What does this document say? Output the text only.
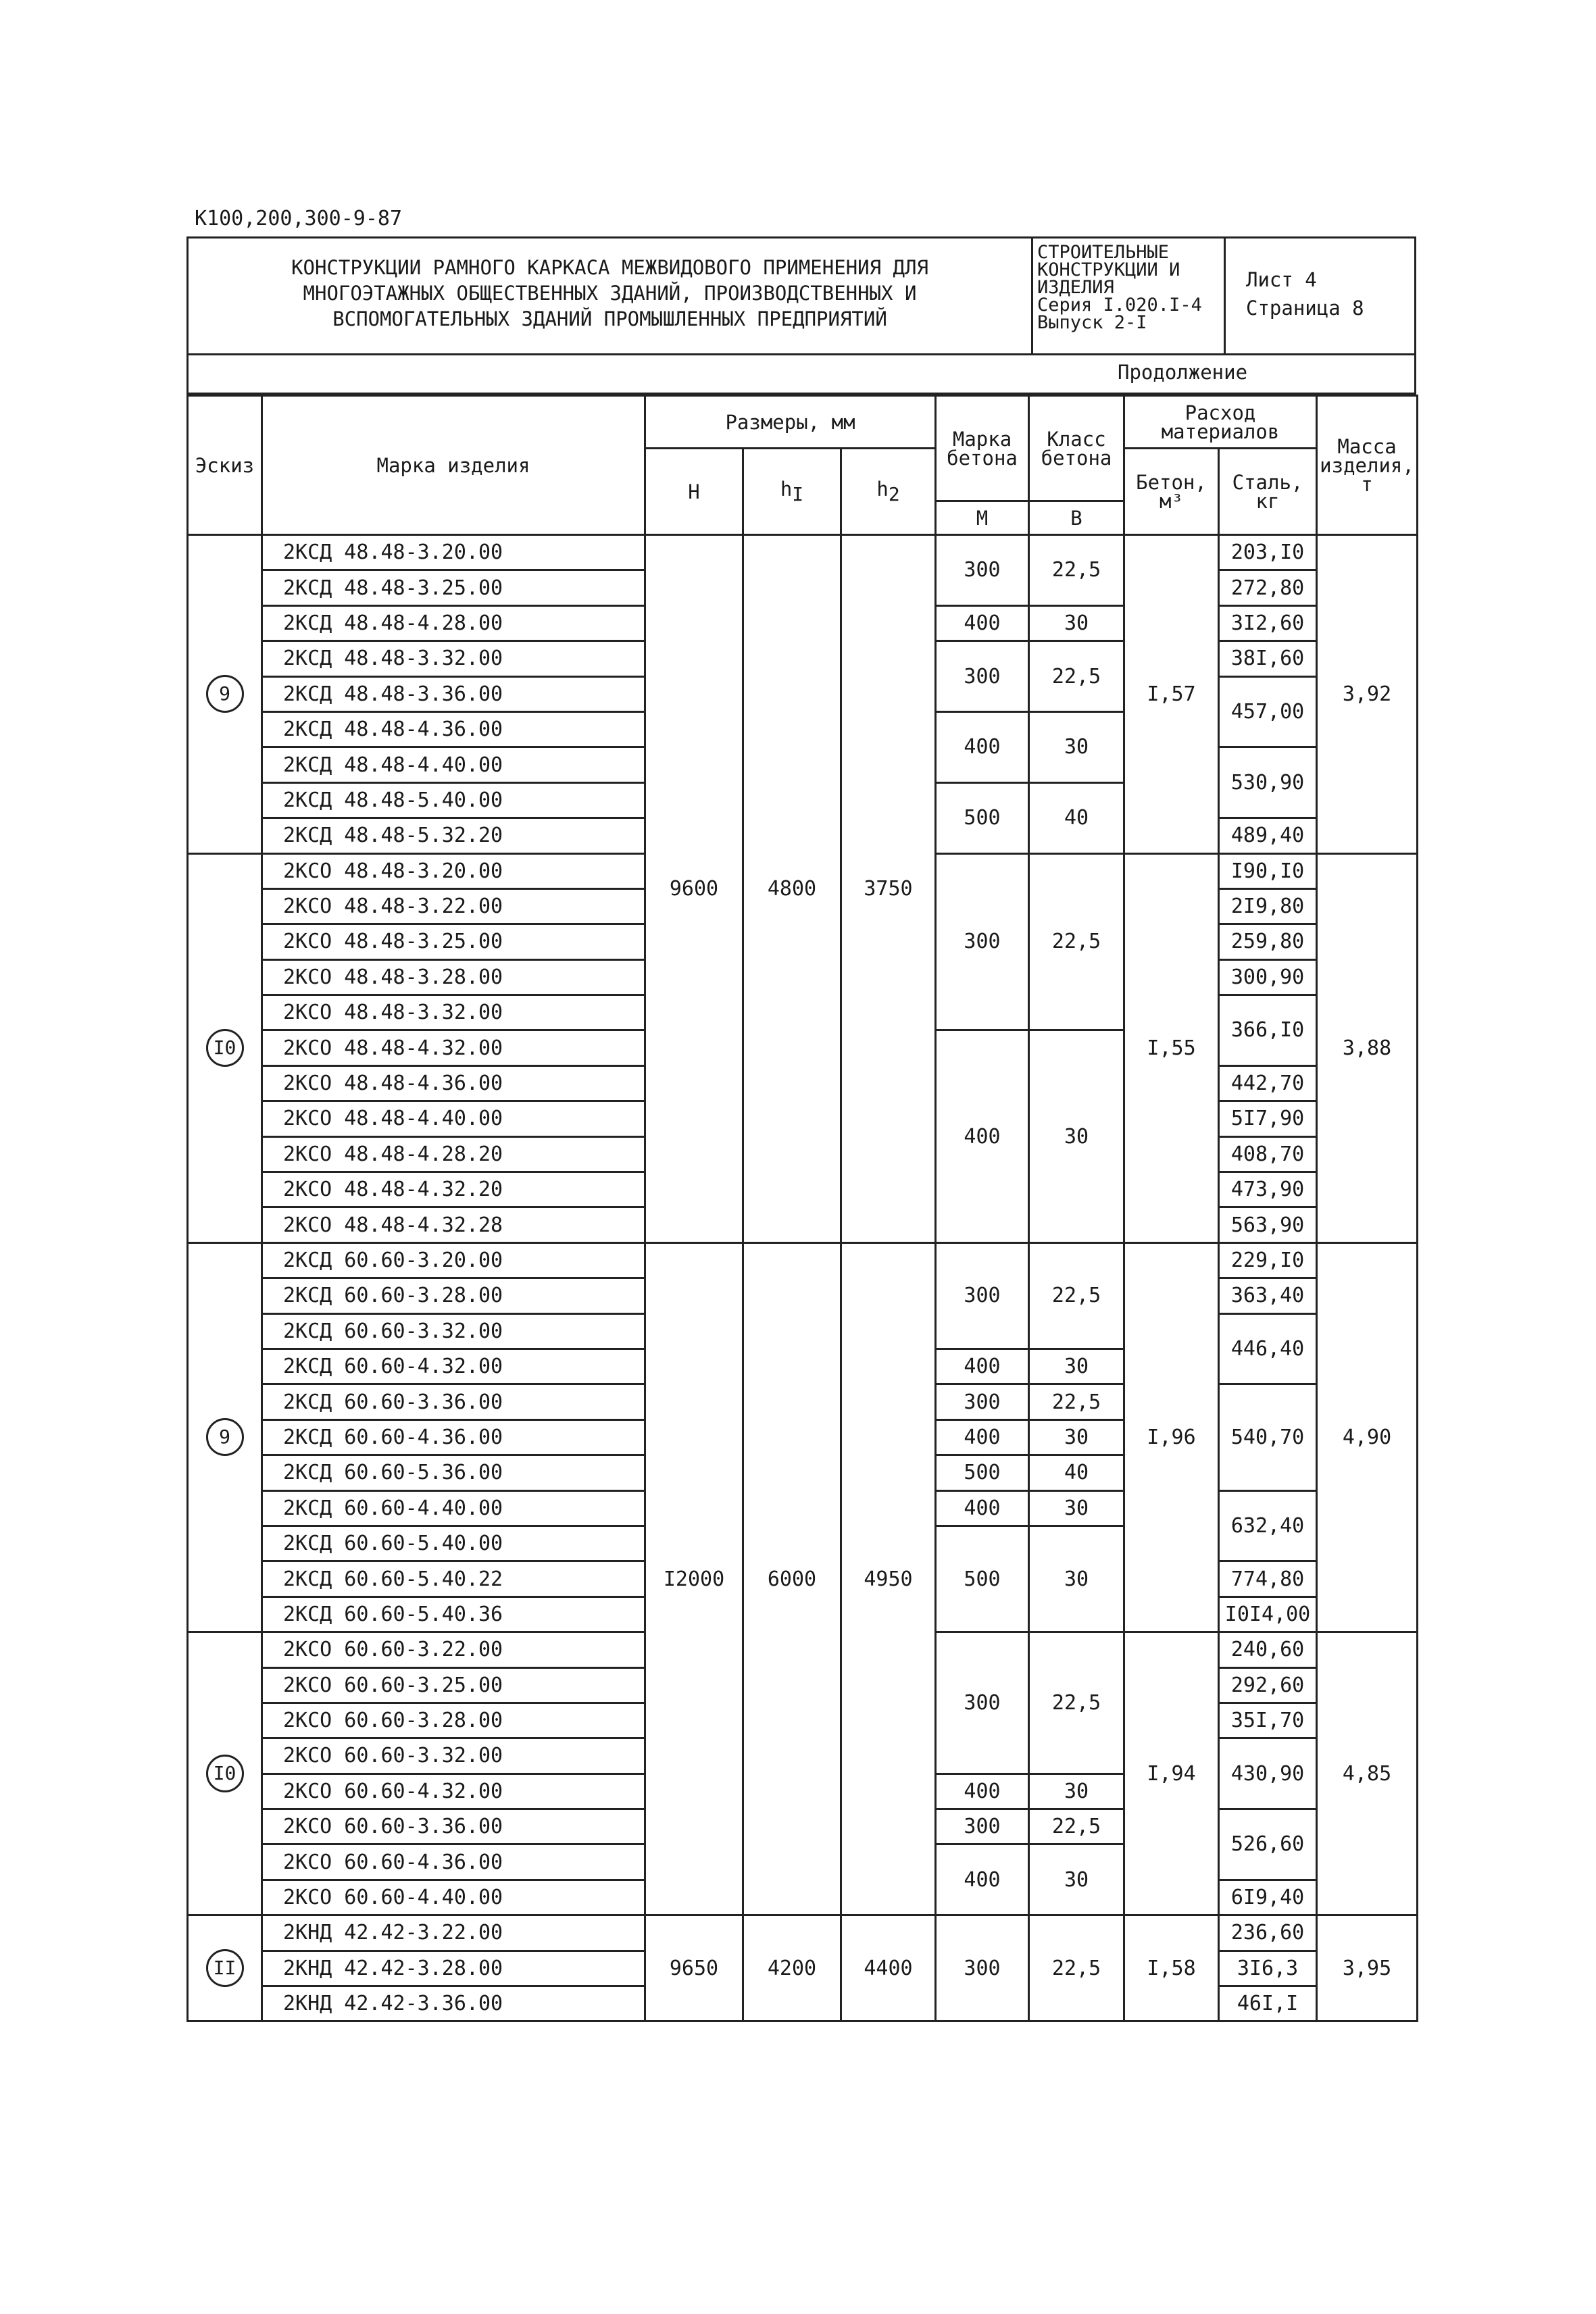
К100,200,300-9-87
КОНСТРУКЦИИ РАМНОГО КАРКАСА МЕЖВИДОВОГО ПРИМЕНЕНИЯ ДЛЯ
МНОГОЭТАЖНЫХ ОБЩЕСТВЕННЫХ ЗДАНИЙ, ПРОИЗВОДСТВЕННЫХ И
ВСПОМОГАТЕЛЬНЫХ ЗДАНИЙ ПРОМЫШЛЕННЫХ ПРЕДПРИЯТИЙ
СТРОИТЕЛЬНЫЕ
КОНСТРУКЦИИ И
ИЗДЕЛИЯ
Серия I.020.I-4
Выпуск 2-I
Лист 4
Страница 8
Продолжение
Эскиз	Марка изделия	Размеры, мм			Марка бетона	Класс бетона	Расход материалов		Масса изделия, т
		Н	$h_I$	$h_2$			Бетон, м³	Сталь, кг	
					М	В			
9	2КСД 48.48-3.20.00	9600	4800	3750	300	22,5	I,57	203,I0	3,92
	2КСД 48.48-3.25.00							272,80	
	2КСД 48.48-4.28.00				400	30		3I2,60	
	2КСД 48.48-3.32.00				300	22,5		38I,60	
	2КСД 48.48-3.36.00							457,00	
	2КСД 48.48-4.36.00				400	30			
	2КСД 48.48-4.40.00							530,90	
	2КСД 48.48-5.40.00				500	40			
	2КСД 48.48-5.32.20							489,40	
I0	2КСО 48.48-3.20.00				300	22,5	I,55	I90,I0	3,88
	2КСО 48.48-3.22.00							2I9,80	
	2КСО 48.48-3.25.00							259,80	
	2КСО 48.48-3.28.00							300,90	
	2КСО 48.48-3.32.00							366,I0	
	2КСО 48.48-4.32.00				400	30			
	2КСО 48.48-4.36.00							442,70	
	2КСО 48.48-4.40.00							5I7,90	
	2КСО 48.48-4.28.20							408,70	
	2КСО 48.48-4.32.20							473,90	
	2КСО 48.48-4.32.28							563,90	
9	2КСД 60.60-3.20.00	I2000	6000	4950	300	22,5	I,96	229,I0	4,90
	2КСД 60.60-3.28.00							363,40	
	2КСД 60.60-3.32.00							446,40	
	2КСД 60.60-4.32.00				400	30			
	2КСД 60.60-3.36.00				300	22,5		540,70	
	2КСД 60.60-4.36.00				400	30			
	2КСД 60.60-5.36.00				500	40			
	2КСД 60.60-4.40.00				400	30		632,40	
	2КСД 60.60-5.40.00				500	30			
	2КСД 60.60-5.40.22							774,80	
	2КСД 60.60-5.40.36							I0I4,00	
I0	2КСО 60.60-3.22.00				300	22,5	I,94	240,60	4,85
	2КСО 60.60-3.25.00							292,60	
	2КСО 60.60-3.28.00							35I,70	
	2КСО 60.60-3.32.00							430,90	
	2КСО 60.60-4.32.00				400	30			
	2КСО 60.60-3.36.00				300	22,5		526,60	
	2КСО 60.60-4.36.00				400	30			
	2КСО 60.60-4.40.00							6I9,40	
II	2КНД 42.42-3.22.00	9650	4200	4400	300	22,5	I,58	236,60	3,95
	2КНД 42.42-3.28.00							3I6,3	
	2КНД 42.42-3.36.00							46I,I	
